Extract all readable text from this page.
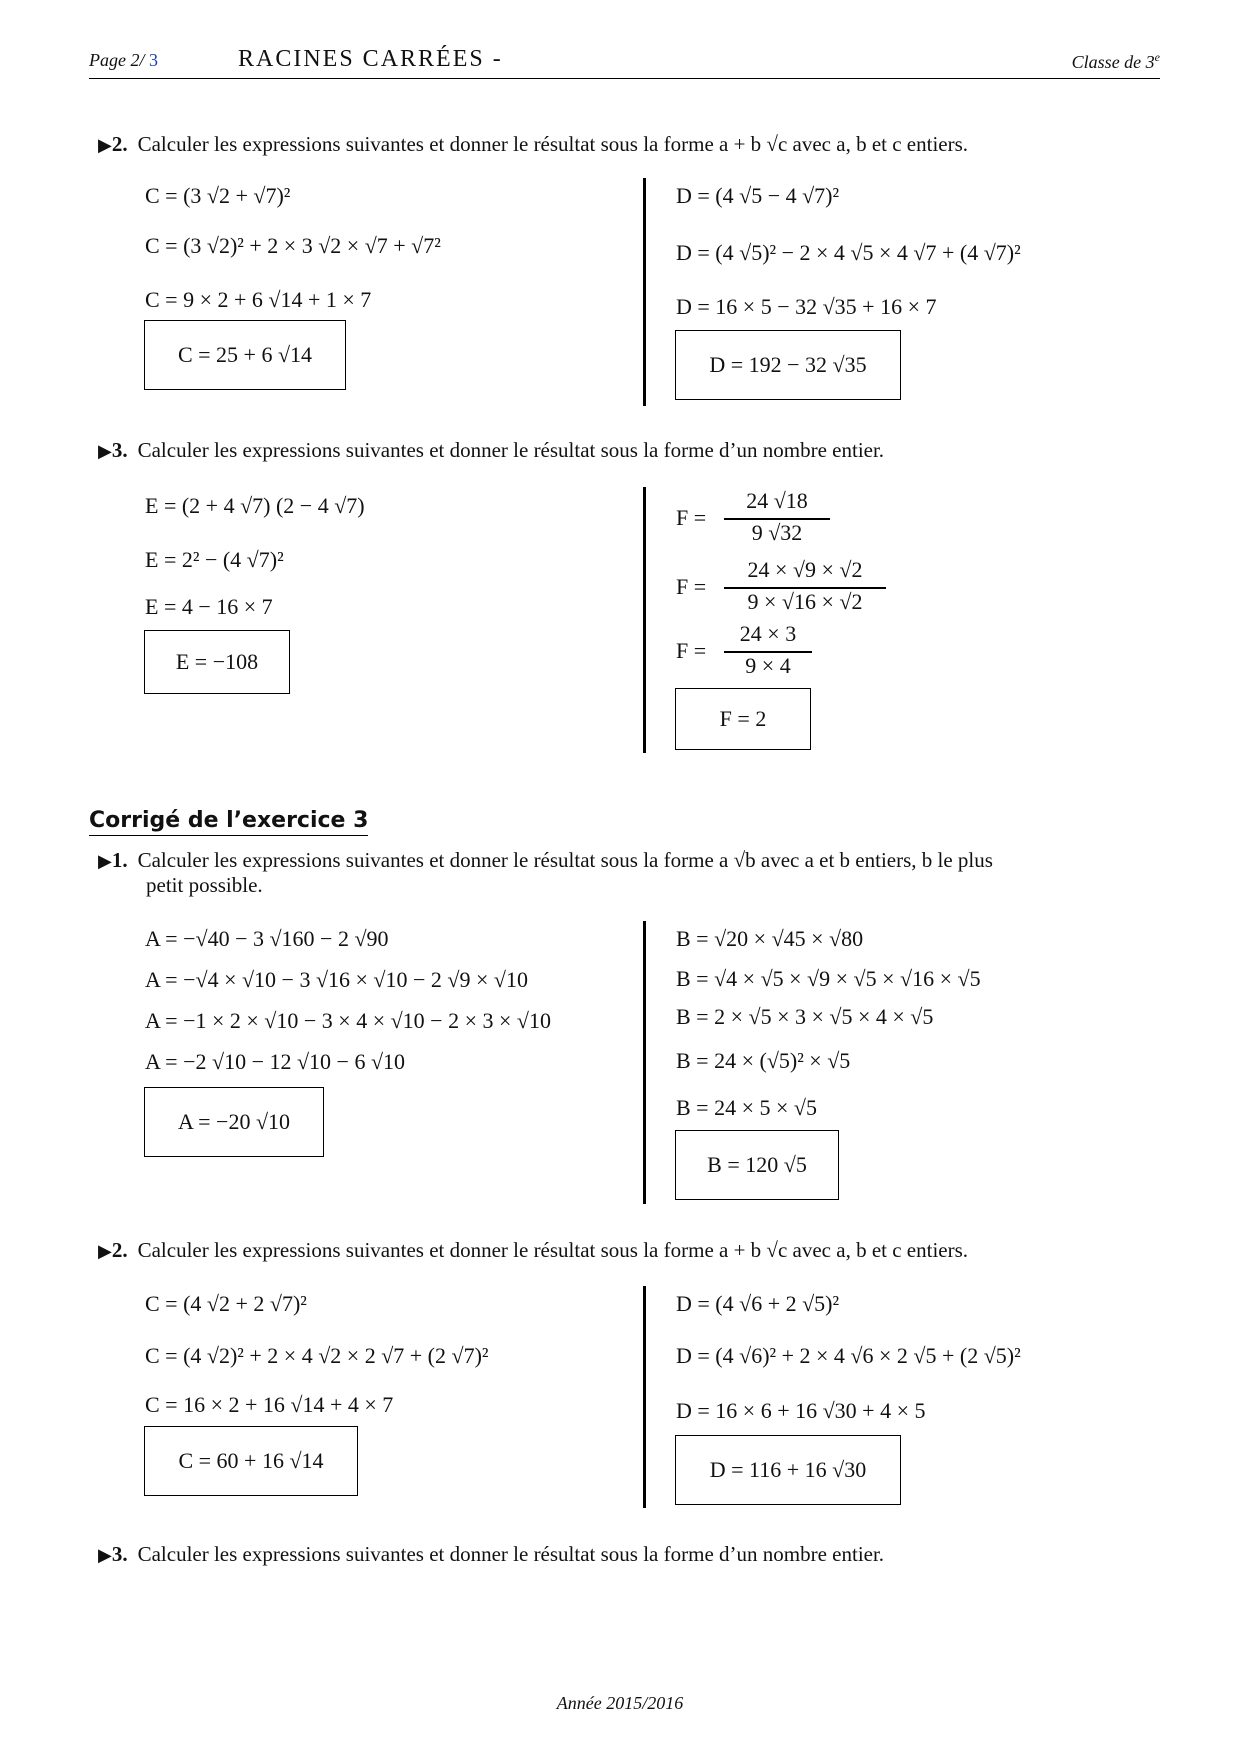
Page 2/ 3	RACINES CARRÉES -	Classe de 3e
▶2. Calculer les expressions suivantes et donner le résultat sous la forme a + b √c avec a, b et c entiers.
C = (3 √2 + √7)²
C = (3 √2)² + 2 × 3 √2 × √7 + √7²
C = 9 × 2 + 6 √14 + 1 × 7
C = 25 + 6 √14
D = (4 √5 − 4 √7)²
D = (4 √5)² − 2 × 4 √5 × 4 √7 + (4 √7)²
D = 16 × 5 − 32 √35 + 16 × 7
D = 192 − 32 √35
▶3. Calculer les expressions suivantes et donner le résultat sous la forme d’un nombre entier.
E = (2 + 4 √7) (2 − 4 √7)
E = 2² − (4 √7)²
E = 4 − 16 × 7
E = −108
F =
24 √18
9 √32
F =
24 × √9 × √2
9 × √16 × √2
F =
24 × 3
9 × 4
F = 2
Corrigé de l’exercice 3
▶1. Calculer les expressions suivantes et donner le résultat sous la forme a √b avec a et b entiers, b le plus
petit possible.
A = −√40 − 3 √160 − 2 √90
A = −√4 × √10 − 3 √16 × √10 − 2 √9 × √10
A = −1 × 2 × √10 − 3 × 4 × √10 − 2 × 3 × √10
A = −2 √10 − 12 √10 − 6 √10
A = −20 √10
B = √20 × √45 × √80
B = √4 × √5 × √9 × √5 × √16 × √5
B = 2 × √5 × 3 × √5 × 4 × √5
B = 24 × (√5)² × √5
B = 24 × 5 × √5
B = 120 √5
▶2. Calculer les expressions suivantes et donner le résultat sous la forme a + b √c avec a, b et c entiers.
C = (4 √2 + 2 √7)²
C = (4 √2)² + 2 × 4 √2 × 2 √7 + (2 √7)²
C = 16 × 2 + 16 √14 + 4 × 7
C = 60 + 16 √14
D = (4 √6 + 2 √5)²
D = (4 √6)² + 2 × 4 √6 × 2 √5 + (2 √5)²
D = 16 × 6 + 16 √30 + 4 × 5
D = 116 + 16 √30
▶3. Calculer les expressions suivantes et donner le résultat sous la forme d’un nombre entier.
Année 2015/2016
